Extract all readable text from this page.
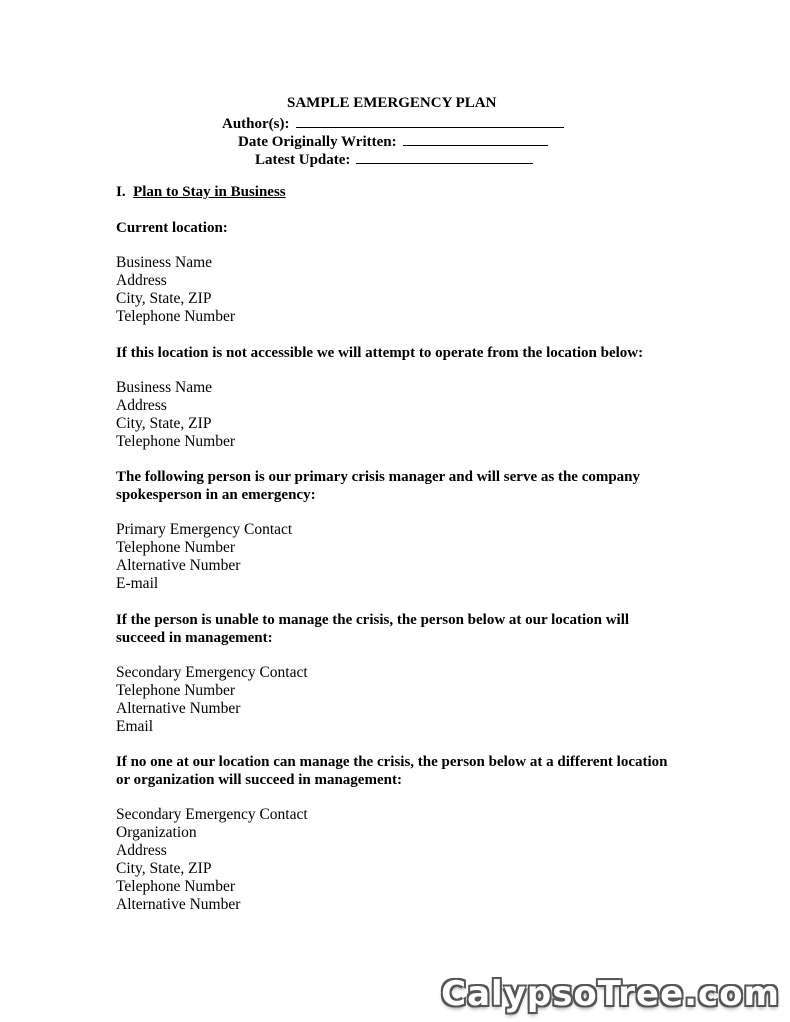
SAMPLE EMERGENCY PLAN
Author(s):
Date Originally Written:
Latest Update:
I. Plan to Stay in Business
Current location:
Business Name
Address
City, State, ZIP
Telephone Number
If this location is not accessible we will attempt to operate from the location below:
Business Name
Address
City, State, ZIP
Telephone Number
The following person is our primary crisis manager and will serve as the company spokesperson in an emergency:
Primary Emergency Contact
Telephone Number
Alternative Number
E-mail
If the person is unable to manage the crisis, the person below at our location will succeed in management:
Secondary Emergency Contact
Telephone Number
Alternative Number
Email
If no one at our location can manage the crisis, the person below at a different location or organization will succeed in management:
Secondary Emergency Contact
Organization
Address
City, State, ZIP
Telephone Number
Alternative Number
CalypsoTree.com
